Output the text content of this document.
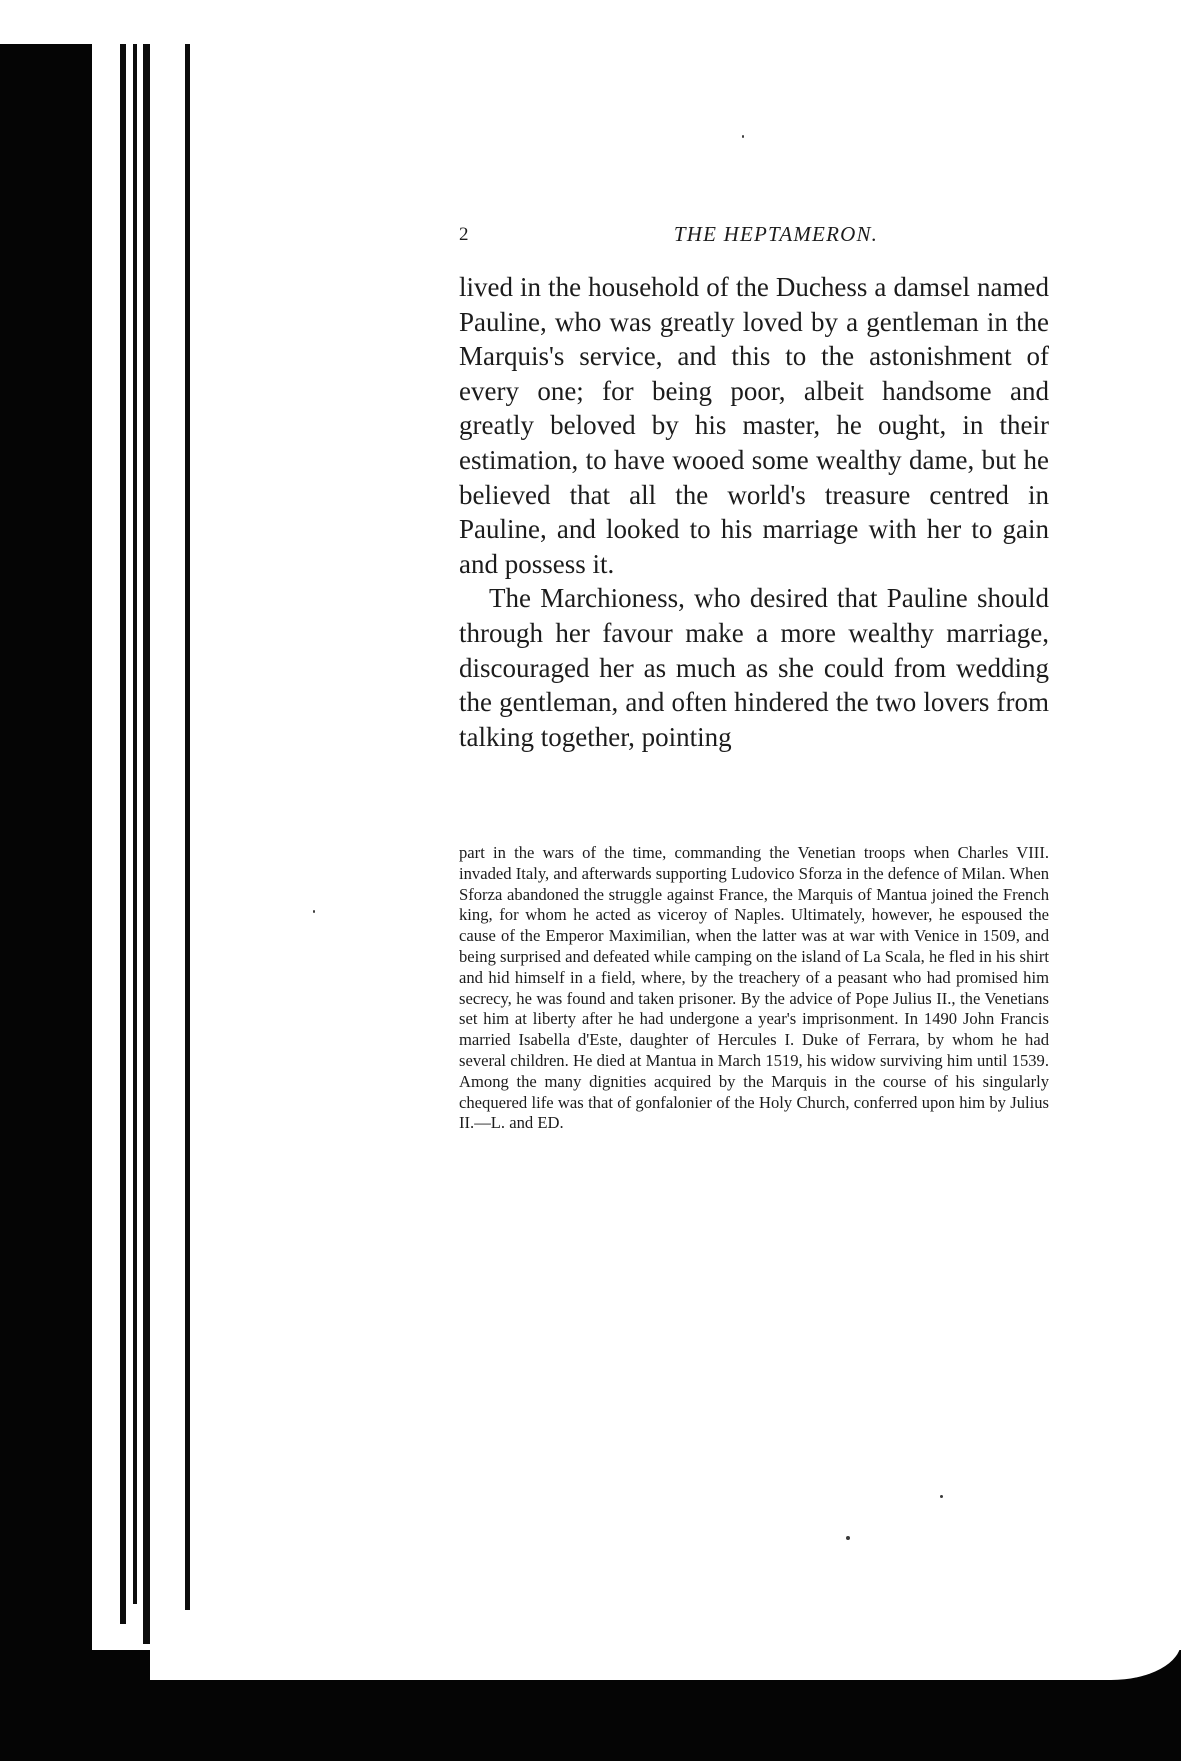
2	THE HEPTAMERON.

lived in the household of the Duchess a damsel named Pauline, who was greatly loved by a gentleman in the Marquis's service, and this to the astonishment of every one; for being poor, albeit handsome and greatly beloved by his master, he ought, in their estimation, to have wooed some wealthy dame, but he believed that all the world's treasure centred in Pauline, and looked to his marriage with her to gain and possess it.

The Marchioness, who desired that Pauline should through her favour make a more wealthy marriage, discouraged her as much as she could from wedding the gentleman, and often hindered the two lovers from talking together, pointing

part in the wars of the time, commanding the Venetian troops when Charles VIII. invaded Italy, and afterwards supporting Ludovico Sforza in the defence of Milan. When Sforza abandoned the struggle against France, the Marquis of Mantua joined the French king, for whom he acted as viceroy of Naples. Ultimately, however, he espoused the cause of the Emperor Maximilian, when the latter was at war with Venice in 1509, and being surprised and defeated while camping on the island of La Scala, he fled in his shirt and hid himself in a field, where, by the treachery of a peasant who had promised him secrecy, he was found and taken prisoner. By the advice of Pope Julius II., the Venetians set him at liberty after he had undergone a year's imprisonment. In 1490 John Francis married Isabella d'Este, daughter of Hercules I. Duke of Ferrara, by whom he had several children. He died at Mantua in March 1519, his widow surviving him until 1539. Among the many dignities acquired by the Marquis in the course of his singularly chequered life was that of gonfalonier of the Holy Church, conferred upon him by Julius II.—L. and ED.
